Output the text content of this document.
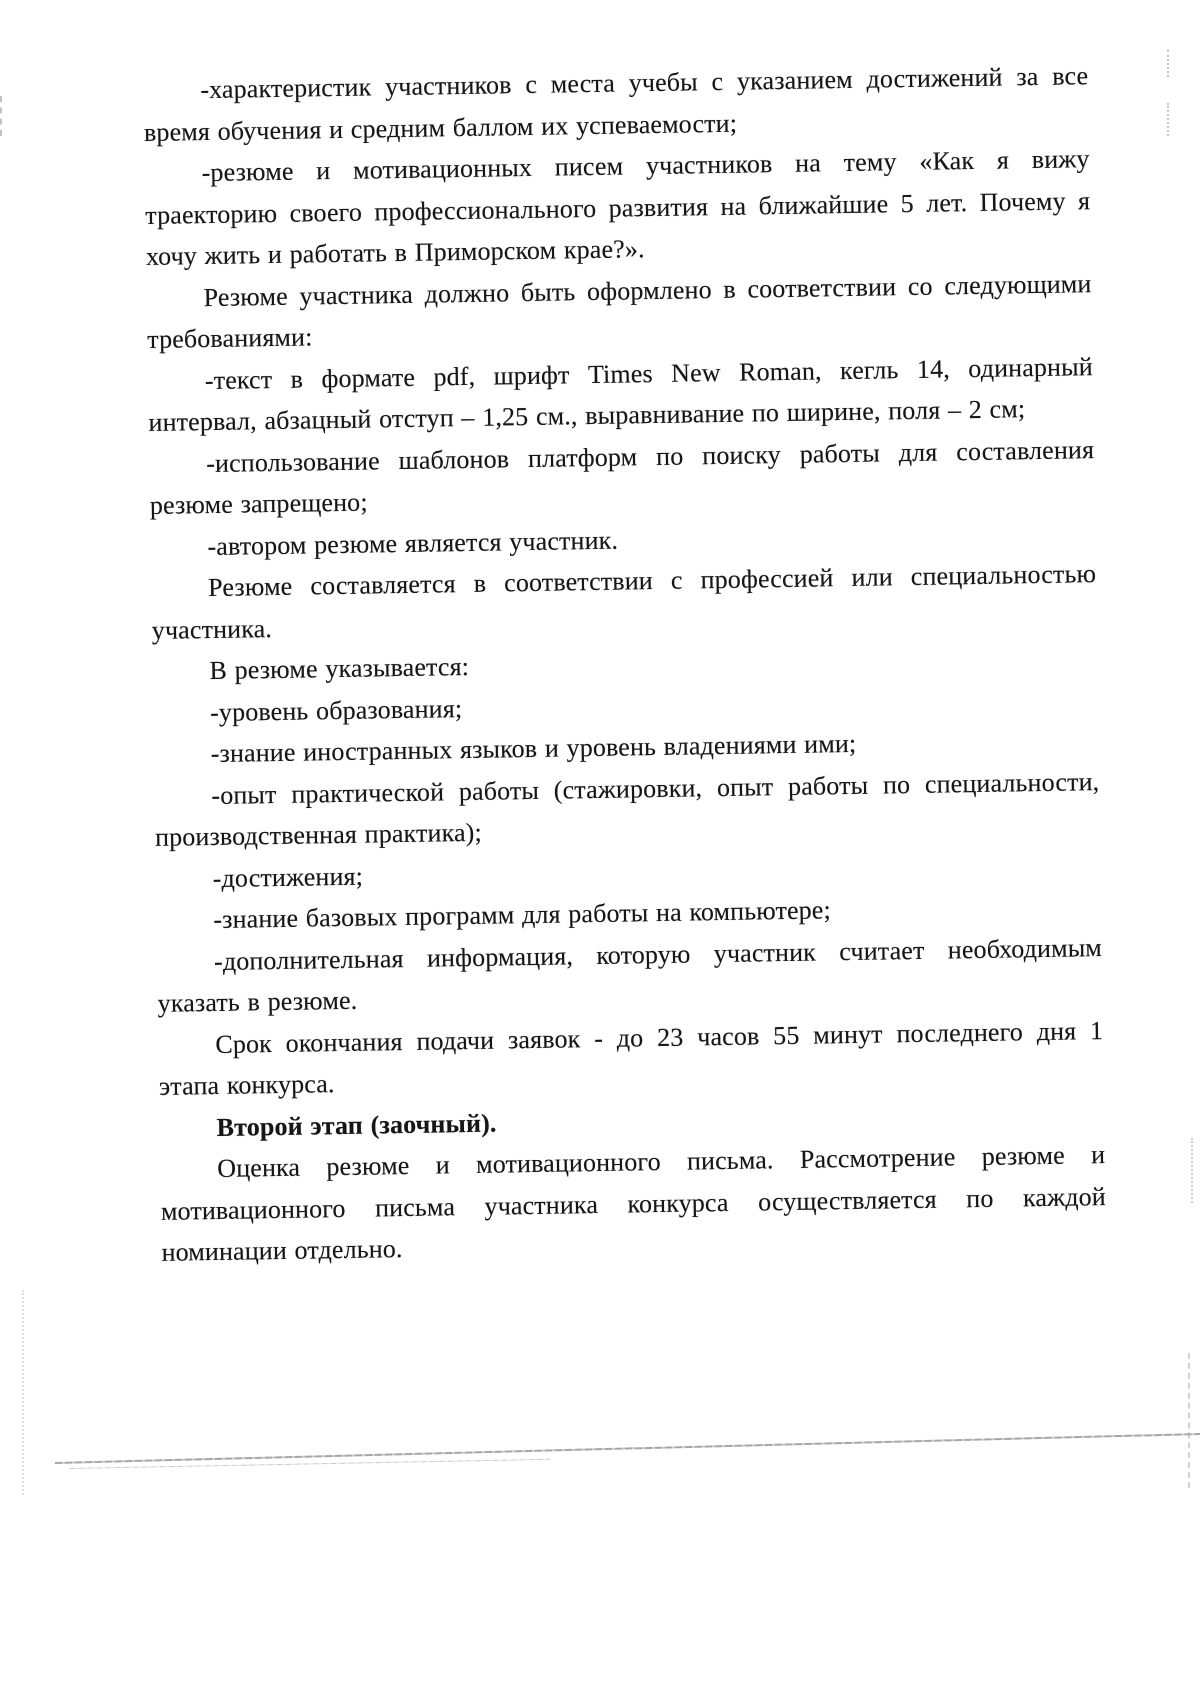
-характеристик участников с места учебы с указанием достижений за все
время обучения и средним баллом их успеваемости;
-резюме и мотивационных писем участников на тему «Как я вижу
траекторию своего профессионального развития на ближайшие 5 лет. Почему я
хочу жить и работать в Приморском крае?».
Резюме участника должно быть оформлено в соответствии со следующими
требованиями:
-текст в формате pdf, шрифт Times New Roman, кегль 14, одинарный
интервал, абзацный отступ – 1,25 см., выравнивание по ширине, поля – 2 см;
-использование шаблонов платформ по поиску работы для составления
резюме запрещено;
-автором резюме является участник.
Резюме составляется в соответствии с профессией или специальностью
участника.
В резюме указывается:
-уровень образования;
-знание иностранных языков и уровень владениями ими;
-опыт практической работы (стажировки, опыт работы по специальности,
производственная практика);
-достижения;
-знание базовых программ для работы на компьютере;
-дополнительная информация, которую участник считает необходимым
указать в резюме.
Срок окончания подачи заявок - до 23 часов 55 минут последнего дня 1
этапа конкурса.
Второй этап (заочный).
Оценка резюме и мотивационного письма. Рассмотрение резюме и
мотивационного письма участника конкурса осуществляется по каждой
номинации отдельно.
